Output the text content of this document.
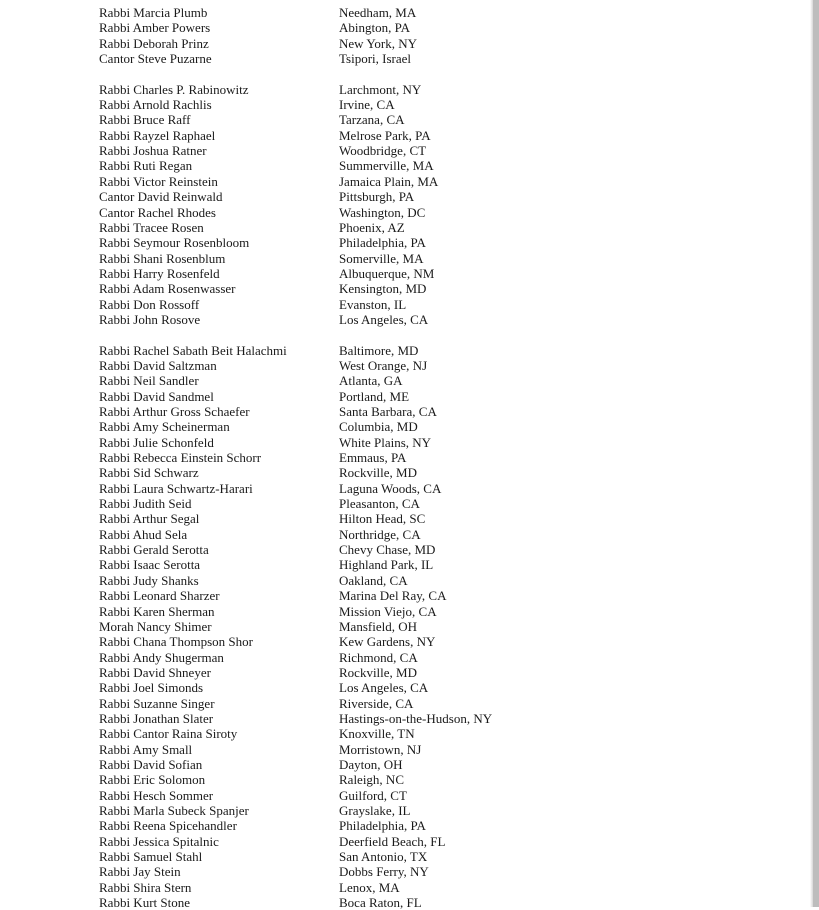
Rabbi Marcia Plumb	Needham, MA
Rabbi Amber Powers	Abington, PA
Rabbi Deborah Prinz	New York, NY
Cantor Steve Puzarne	Tsipori, Israel
Rabbi Charles P. Rabinowitz	Larchmont, NY
Rabbi Arnold Rachlis	Irvine, CA
Rabbi Bruce Raff	Tarzana, CA
Rabbi Rayzel Raphael	Melrose Park, PA
Rabbi Joshua Ratner	Woodbridge, CT
Rabbi Ruti Regan	Summerville, MA
Rabbi Victor Reinstein	Jamaica Plain, MA
Cantor David Reinwald	Pittsburgh, PA
Cantor Rachel Rhodes	Washington, DC
Rabbi Tracee Rosen	Phoenix, AZ
Rabbi Seymour Rosenbloom	Philadelphia, PA
Rabbi Shani Rosenblum	Somerville, MA
Rabbi Harry Rosenfeld	Albuquerque, NM
Rabbi Adam Rosenwasser	Kensington, MD
Rabbi Don Rossoff	Evanston, IL
Rabbi John Rosove	Los Angeles, CA
Rabbi Rachel Sabath Beit Halachmi	Baltimore, MD
Rabbi David Saltzman	West Orange, NJ
Rabbi Neil Sandler	Atlanta, GA
Rabbi David Sandmel	Portland, ME
Rabbi Arthur Gross Schaefer	Santa Barbara, CA
Rabbi Amy Scheinerman	Columbia, MD
Rabbi Julie Schonfeld	White Plains, NY
Rabbi Rebecca Einstein Schorr	Emmaus, PA
Rabbi Sid Schwarz	Rockville, MD
Rabbi Laura Schwartz-Harari	Laguna Woods, CA
Rabbi Judith Seid	Pleasanton, CA
Rabbi Arthur Segal	Hilton Head, SC
Rabbi Ahud Sela	Northridge, CA
Rabbi Gerald Serotta	Chevy Chase, MD
Rabbi Isaac Serotta	Highland Park, IL
Rabbi Judy Shanks	Oakland, CA
Rabbi Leonard Sharzer	Marina Del Ray, CA
Rabbi Karen Sherman	Mission Viejo, CA
Morah Nancy Shimer	Mansfield, OH
Rabbi Chana Thompson Shor	Kew Gardens, NY
Rabbi Andy Shugerman	Richmond, CA
Rabbi David Shneyer	Rockville, MD
Rabbi Joel Simonds	Los Angeles, CA
Rabbi Suzanne Singer	Riverside, CA
Rabbi Jonathan Slater	Hastings-on-the-Hudson, NY
Rabbi Cantor Raina Siroty	Knoxville, TN
Rabbi Amy Small	Morristown, NJ
Rabbi David Sofian	Dayton, OH
Rabbi Eric Solomon	Raleigh, NC
Rabbi Hesch Sommer	Guilford, CT
Rabbi Marla Subeck Spanjer	Grayslake, IL
Rabbi Reena Spicehandler	Philadelphia, PA
Rabbi Jessica Spitalnic	Deerfield Beach, FL
Rabbi Samuel Stahl	San Antonio, TX
Rabbi Jay Stein	Dobbs Ferry, NY
Rabbi Shira Stern	Lenox, MA
Rabbi Kurt Stone	Boca Raton, FL
